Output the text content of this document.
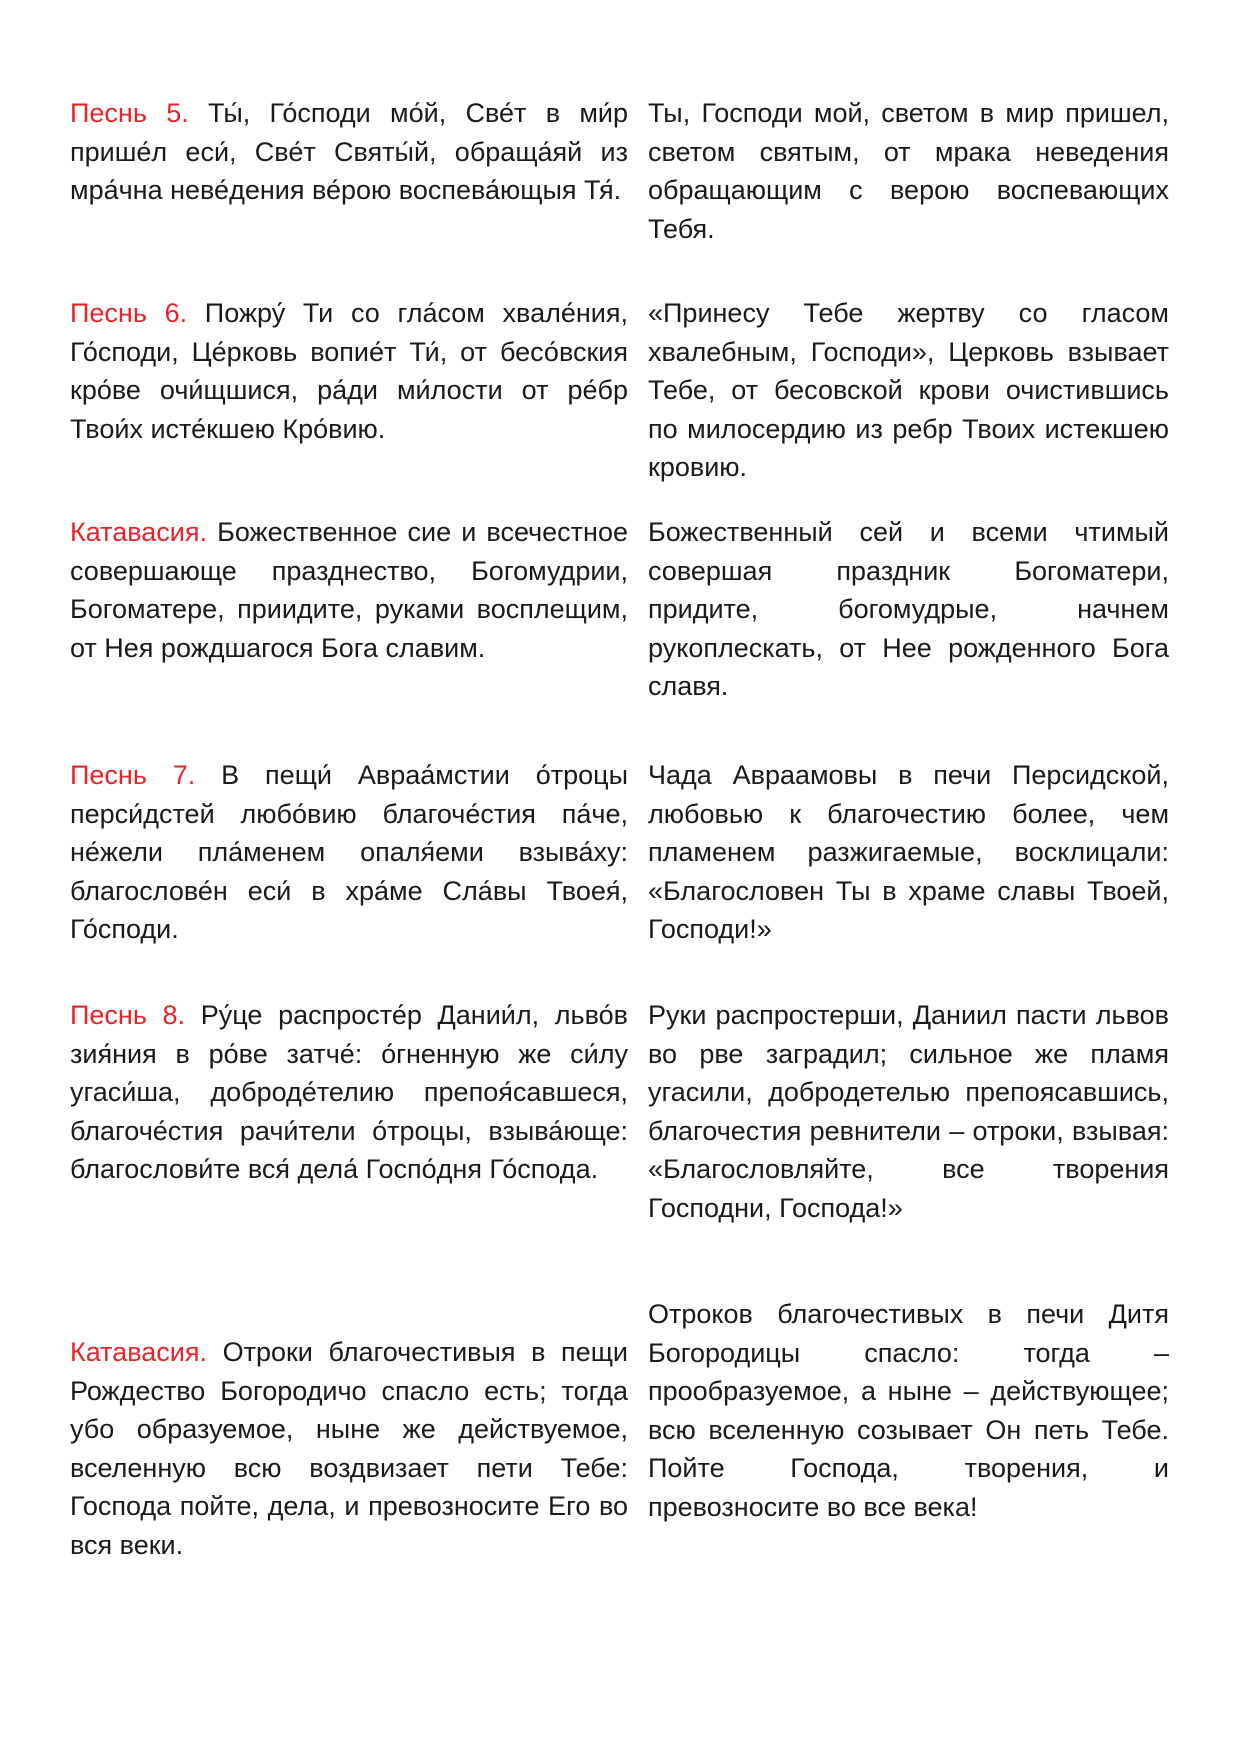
Песнь 5. Ты́, Го́споди мо́й, Све́т в ми́р прише́л еси́, Све́т Святы́й, обраща́яй из мра́чна неве́дения ве́рою воспева́ющыя Тя́.
Ты, Господи мой, светом в мир пришел, светом святым, от мрака неведения обращающим с верою воспевающих Тебя.
Песнь 6. Пожру́ Ти со гла́сом хвале́ния, Го́споди, Це́рковь вопие́т Ти́, от бесо́вския кро́ве очи́щшися, ра́ди ми́лости от ре́бр Твои́х исте́кшею Кро́вию.
«Принесу Тебе жертву со гласом хвалебным, Господи», Церковь взывает Тебе, от бесовской крови очистившись по милосердию из ребр Твоих истекшею кровию.
Катавасия. Божественное сие и всечестное совершающе празднество, Богомудрии, Богоматере, приидите, руками восплещим, от Нея рождшагося Бога славим.
Божественный сей и всеми чтимый совершая праздник Богоматери, придите, богомудрые, начнем рукоплескать, от Нее рожденного Бога славя.
Песнь 7. В пещи́ Авраа́мстии о́троцы перси́дстей любо́вию благоче́стия па́че, не́жели пла́менем опаля́еми взыва́ху: благослове́н еси́ в хра́ме Сла́вы Твоея́, Го́споди.
Чада Авраамовы в печи Персидской, любовью к благочестию более, чем пламенем разжигаемые, восклицали: «Благословен Ты в храме славы Твоей, Господи!»
Песнь 8. Ру́це распросте́р Дании́л, льво́в зия́ния в ро́ве затче́: о́гненную же си́лу угаси́ша, доброде́телию препоя́савшеся, благоче́стия рачи́тели о́троцы, взыва́юще: благослови́те вся́ дела́ Госпо́дня Го́спода.
Руки распростерши, Даниил пасти львов во рве заградил; сильное же пламя угасили, добродетелью препоясавшись, благочестия ревнители – отроки, взывая: «Благословляйте, все творения Господни, Господа!»
Катавасия. Отроки благочестивыя в пещи Рождество Богородичо спасло есть; тогда убо образуемое, ныне же действуемое, вселенную всю воздвизает пети Тебе: Господа пойте, дела, и превозносите Его во вся веки.
Отроков благочестивых в печи Дитя Богородицы спасло: тогда – прообразуемое, а ныне – действующее; всю вселенную созывает Он петь Тебе. Пойте Господа, творения, и превозносите во все века!
